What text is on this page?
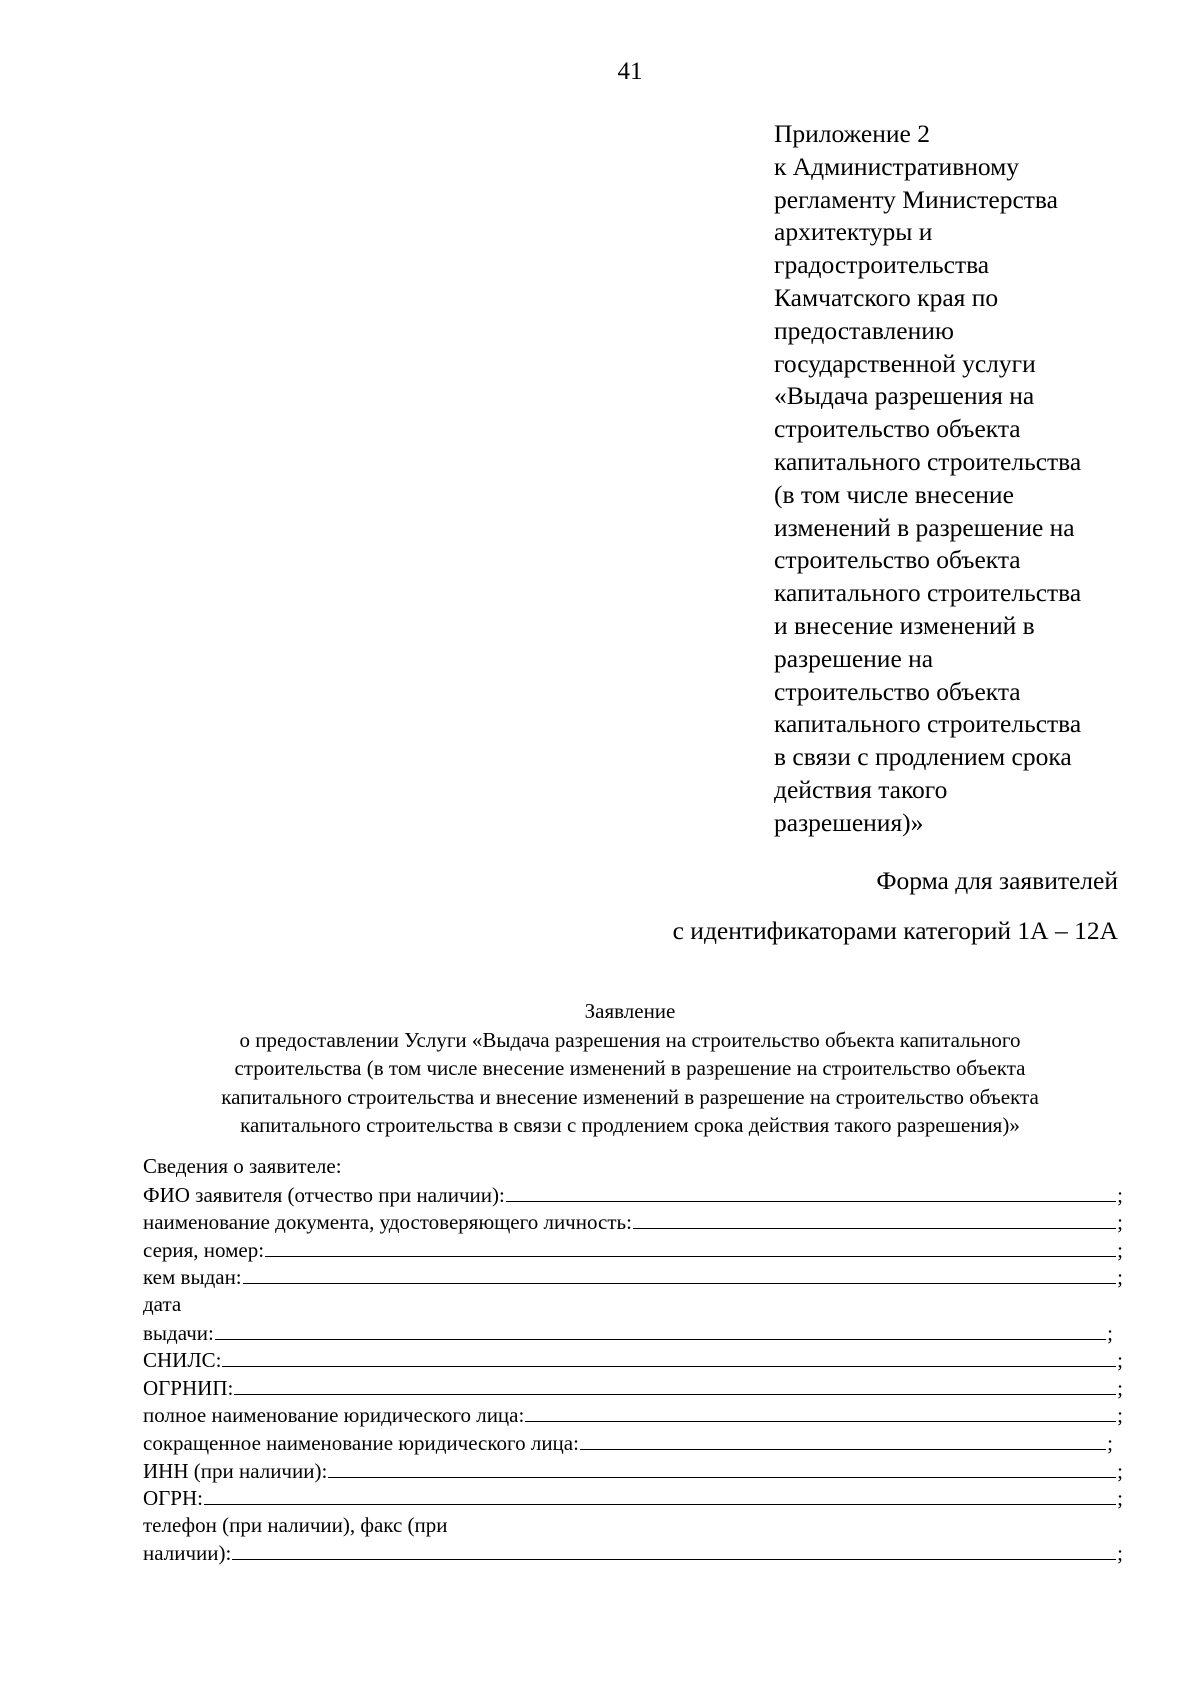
41
Приложение 2
к Административному
регламенту Министерства
архитектуры и
градостроительства
Камчатского края по
предоставлению
государственной услуги
«Выдача разрешения на
строительство объекта
капитального строительства
(в том числе внесение
изменений в разрешение на
строительство объекта
капитального строительства
и внесение изменений в
разрешение на
строительство объекта
капитального строительства
в связи с продлением срока
действия такого
разрешения)»
Форма для заявителей
с идентификаторами категорий 1А – 12А
Заявление
о предоставлении Услуги «Выдача разрешения на строительство объекта капитального
строительства (в том числе внесение изменений в разрешение на строительство объекта
капитального строительства и внесение изменений в разрешение на строительство объекта
капитального строительства в связи с продлением срока действия такого разрешения)»
Сведения о заявителе:
ФИО заявителя (отчество при наличии):	;
наименование документа, удостоверяющего личность:	;
серия, номер:	;
кем выдан:	;
дата
выдачи:	;
СНИЛС:	;
ОГРНИП:	;
полное наименование юридического лица:	;
сокращенное наименование юридического лица:	;
ИНН (при наличии):	;
ОГРН:	;
телефон (при наличии), факс (при
наличии):	;
